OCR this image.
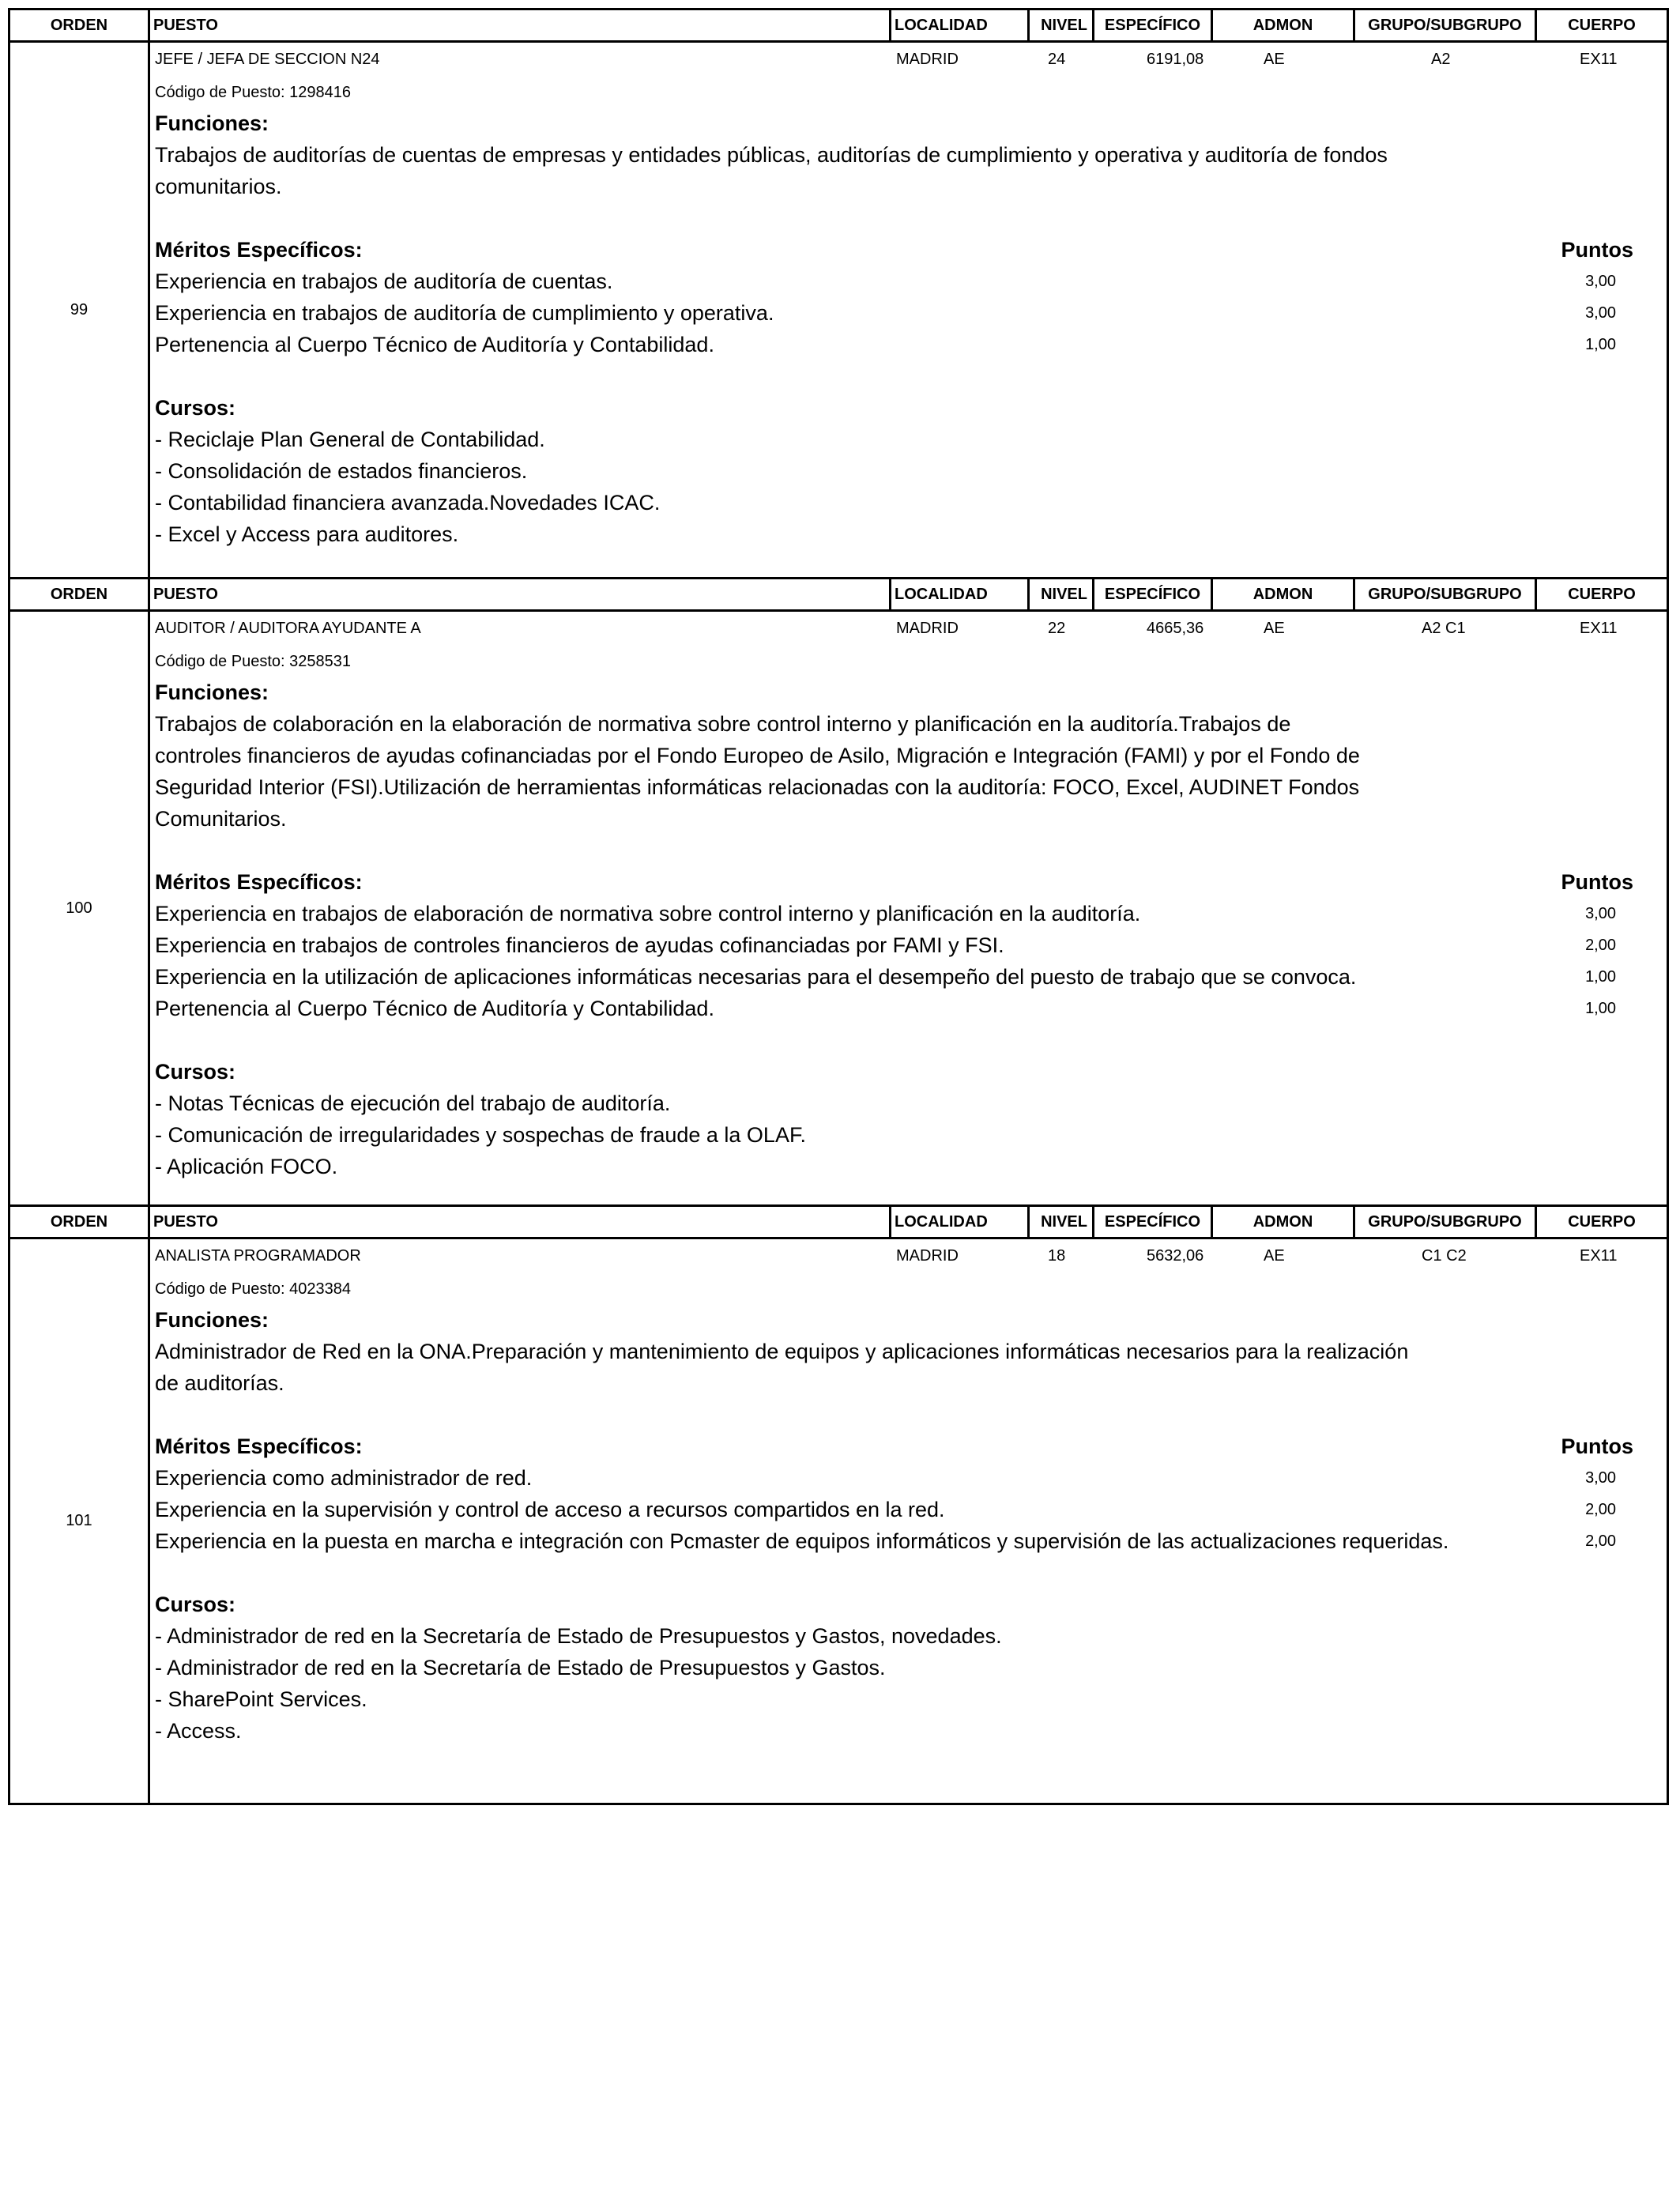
ORDEN	PUESTO	LOCALIDAD	NIVEL	ESPECÍFICO	ADMON	GRUPO/SUBGRUPO	CUERPO
99
JEFE / JEFA DE SECCION N24	MADRID	24	6191,08	AE	A2	EX11
Código de Puesto: 1298416
Funciones:
Trabajos de auditorías de cuentas de empresas y entidades públicas, auditorías de cumplimiento y operativa y auditoría de fondos
comunitarios.
Méritos Específicos:	Puntos
Experiencia en trabajos de auditoría de cuentas.	3,00
Experiencia en trabajos de auditoría de cumplimiento y operativa.	3,00
Pertenencia al Cuerpo Técnico de Auditoría y Contabilidad.	1,00
Cursos:
- Reciclaje Plan General de Contabilidad.
- Consolidación de estados financieros.
- Contabilidad financiera avanzada.Novedades ICAC.
- Excel y Access para auditores.
ORDEN	PUESTO	LOCALIDAD	NIVEL	ESPECÍFICO	ADMON	GRUPO/SUBGRUPO	CUERPO
100
AUDITOR / AUDITORA AYUDANTE A	MADRID	22	4665,36	AE	A2 C1	EX11
Código de Puesto: 3258531
Funciones:
Trabajos de colaboración en la elaboración de normativa sobre control interno y planificación en la auditoría.Trabajos de
controles financieros de ayudas cofinanciadas por el Fondo Europeo de Asilo, Migración e Integración (FAMI) y por el Fondo de
Seguridad Interior (FSI).Utilización de herramientas informáticas relacionadas con la auditoría: FOCO, Excel, AUDINET Fondos
Comunitarios.
Méritos Específicos:	Puntos
Experiencia en trabajos de elaboración de normativa sobre control interno y planificación en la auditoría.	3,00
Experiencia en trabajos de controles financieros de ayudas cofinanciadas por FAMI y FSI.	2,00
Experiencia en la utilización de aplicaciones informáticas necesarias para el desempeño del puesto de trabajo que se convoca.	1,00
Pertenencia al Cuerpo Técnico de Auditoría y Contabilidad.	1,00
Cursos:
- Notas Técnicas de ejecución del trabajo de auditoría.
- Comunicación de irregularidades y sospechas de fraude a la OLAF.
- Aplicación FOCO.
ORDEN	PUESTO	LOCALIDAD	NIVEL	ESPECÍFICO	ADMON	GRUPO/SUBGRUPO	CUERPO
101
ANALISTA PROGRAMADOR	MADRID	18	5632,06	AE	C1 C2	EX11
Código de Puesto: 4023384
Funciones:
Administrador de Red en la ONA.Preparación y mantenimiento de equipos y aplicaciones informáticas necesarios para la realización
de auditorías.
Méritos Específicos:	Puntos
Experiencia como administrador de red.	3,00
Experiencia en la supervisión y control de acceso a recursos compartidos en la red.	2,00
Experiencia en la puesta en marcha e integración con Pcmaster de equipos informáticos y supervisión de las actualizaciones requeridas.	2,00
Cursos:
- Administrador de red en la Secretaría de Estado de Presupuestos y Gastos, novedades.
- Administrador de red en la Secretaría de Estado de Presupuestos y Gastos.
- SharePoint Services.
- Access.
